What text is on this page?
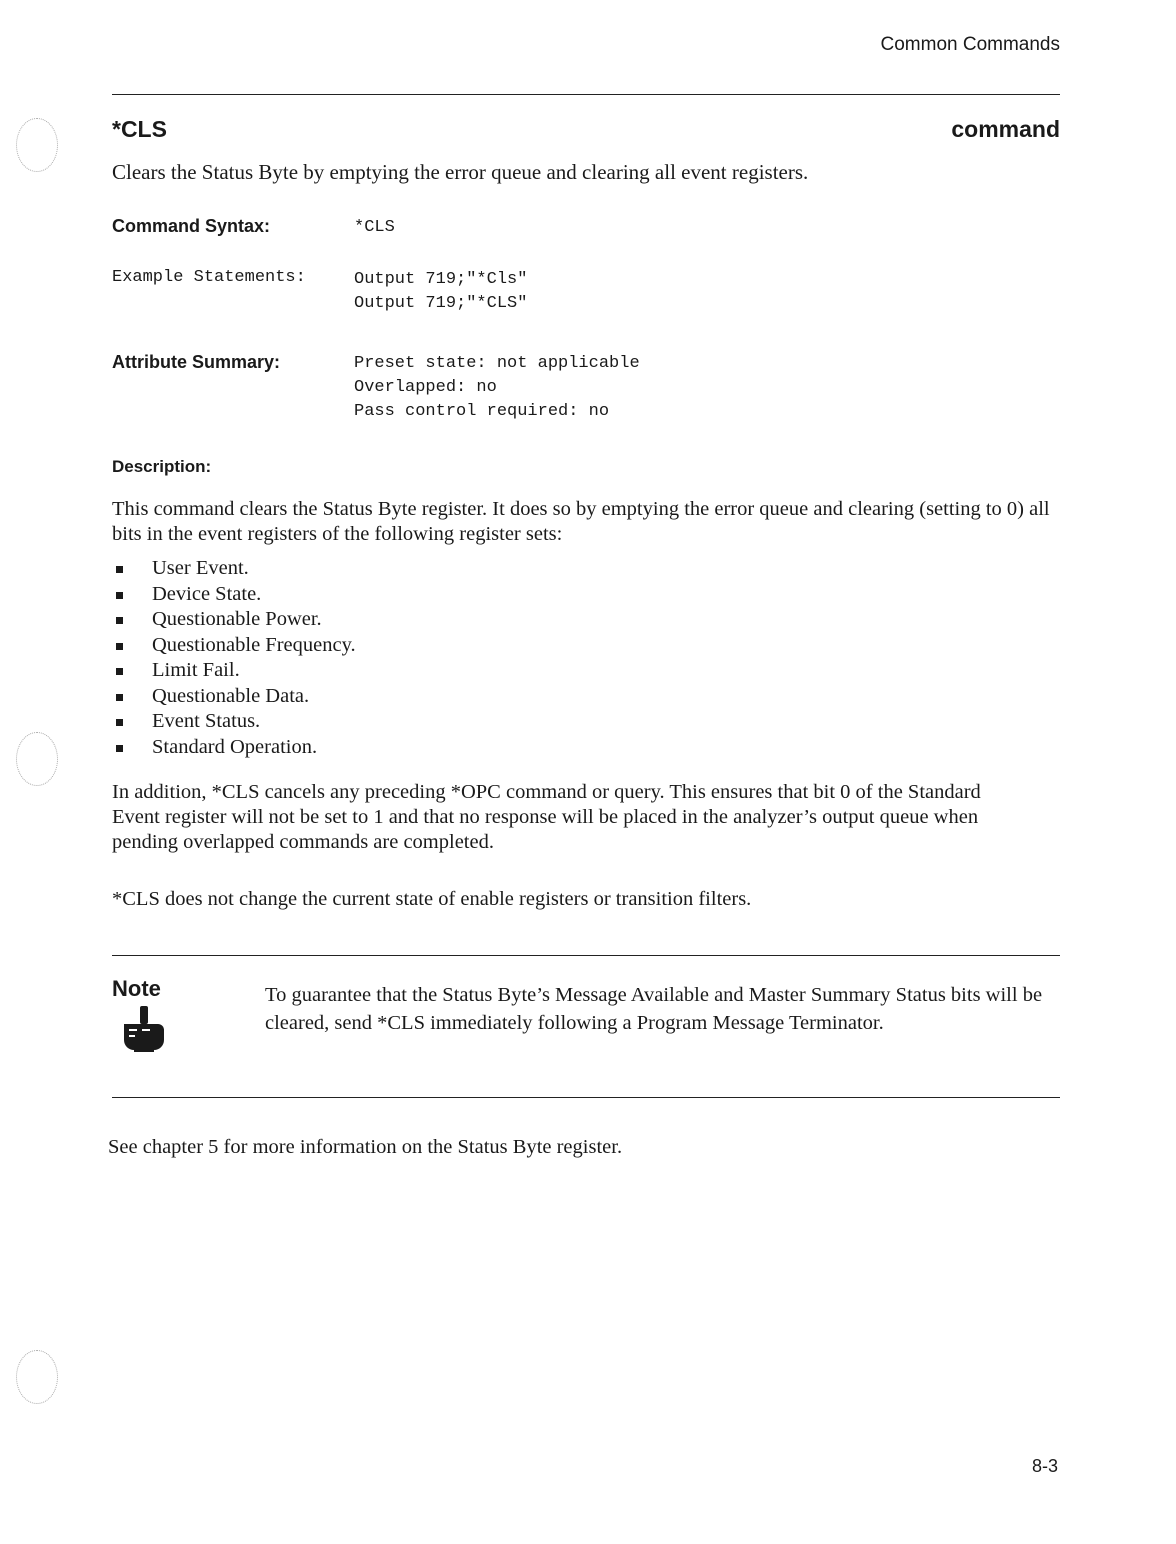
Common Commands
*CLS	command
Clears the Status Byte by emptying the error queue and clearing all event registers.
Command Syntax:	*CLS
Example Statements:	Output 719;"*Cls"
Output 719;"*CLS"
Attribute Summary:	Preset state: not applicable
Overlapped: no
Pass control required: no
Description:
This command clears the Status Byte register. It does so by emptying the error queue and clearing (setting to 0) all bits in the event registers of the following register sets:
User Event.
Device State.
Questionable Power.
Questionable Frequency.
Limit Fail.
Questionable Data.
Event Status.
Standard Operation.
In addition, *CLS cancels any preceding *OPC command or query. This ensures that bit 0 of the Standard Event register will not be set to 1 and that no response will be placed in the analyzer’s output queue when pending overlapped commands are completed.
*CLS does not change the current state of enable registers or transition filters.
Note	To guarantee that the Status Byte’s Message Available and Master Summary Status bits will be cleared, send *CLS immediately following a Program Message Terminator.
See chapter 5 for more information on the Status Byte register.
8-3
